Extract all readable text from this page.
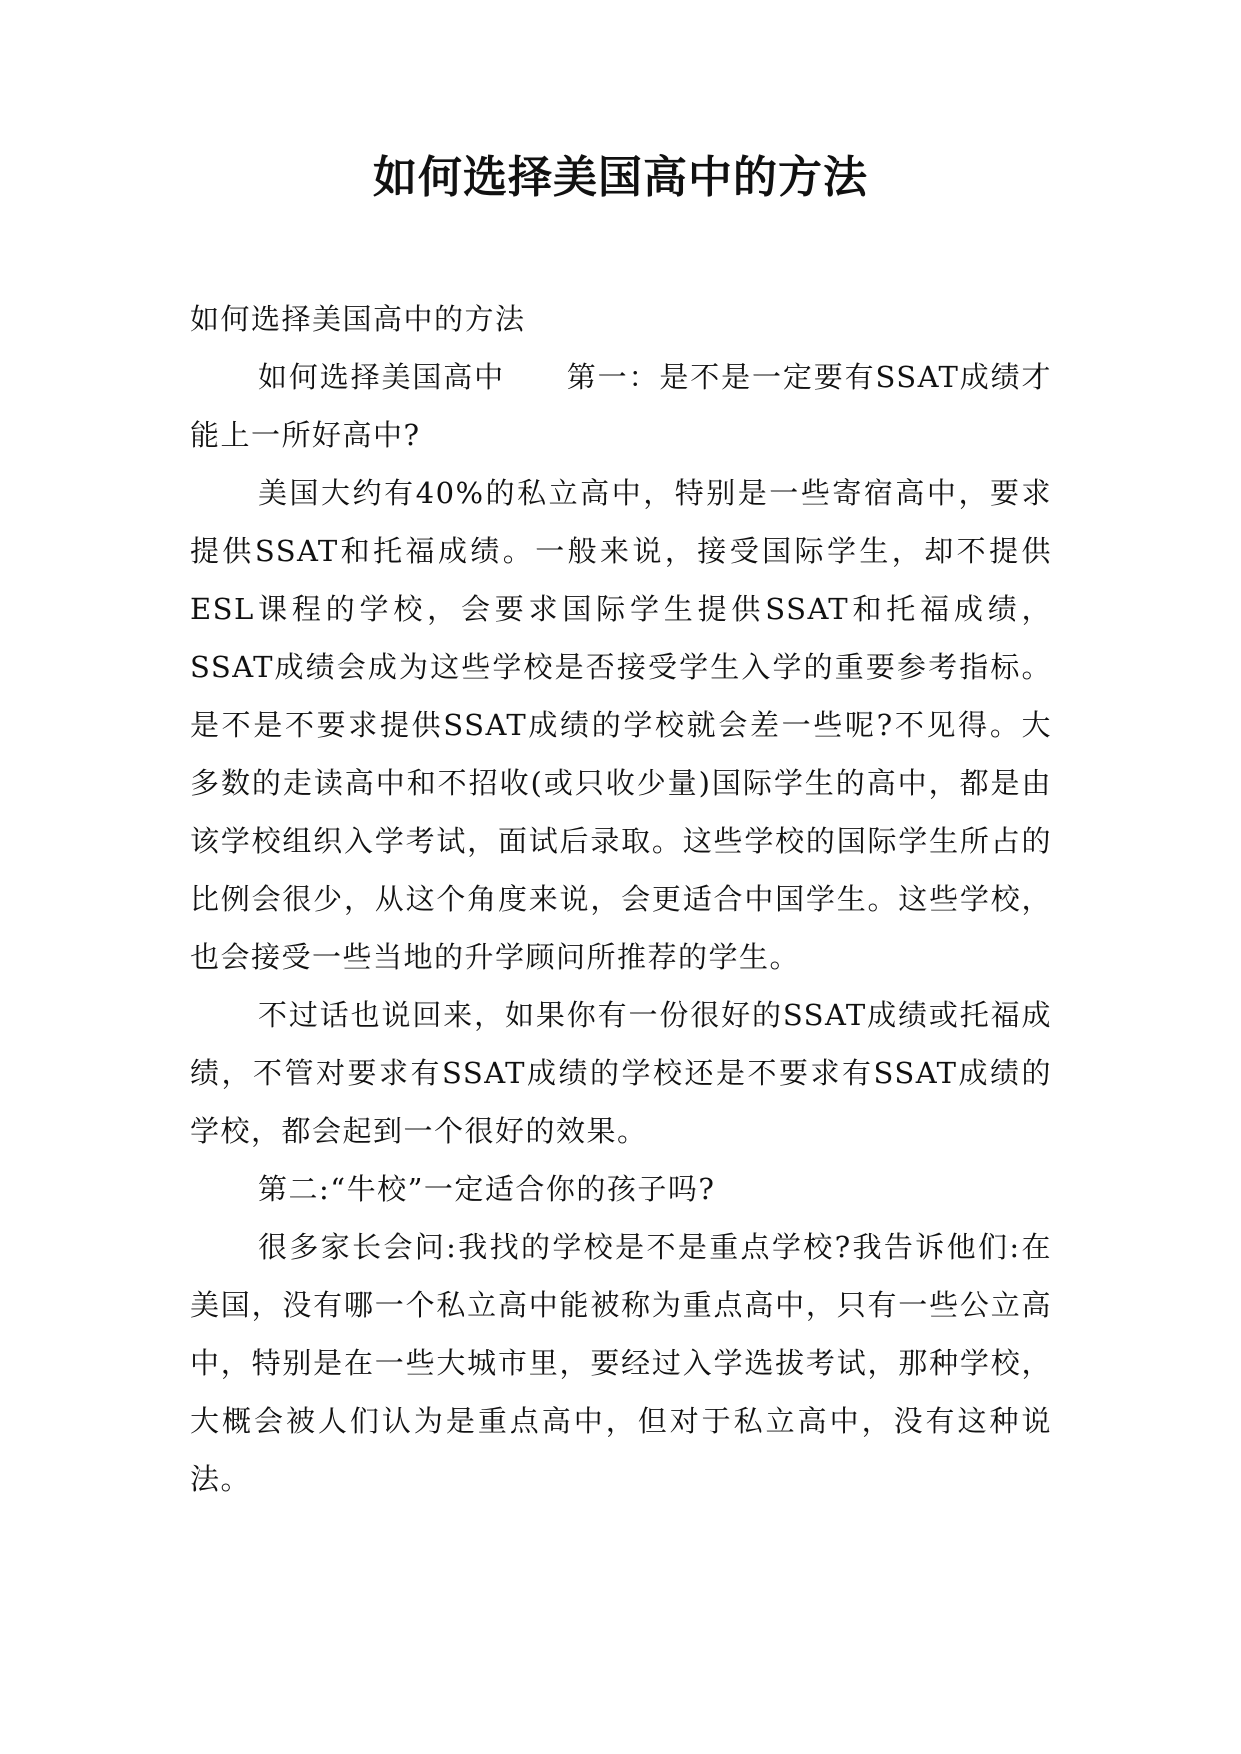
如何选择美国高中的方法

如何选择美国高中的方法

如何选择美国高中　　第一：是不是一定要有SSAT成绩才能上一所好高中?

美国大约有40%的私立高中，特别是一些寄宿高中，要求提供SSAT和托福成绩。一般来说，接受国际学生，却不提供ESL课程的学校，会要求国际学生提供SSAT和托福成绩，SSAT成绩会成为这些学校是否接受学生入学的重要参考指标。是不是不要求提供SSAT成绩的学校就会差一些呢?不见得。大多数的走读高中和不招收(或只收少量)国际学生的高中，都是由该学校组织入学考试，面试后录取。这些学校的国际学生所占的比例会很少，从这个角度来说，会更适合中国学生。这些学校，也会接受一些当地的升学顾问所推荐的学生。

不过话也说回来，如果你有一份很好的SSAT成绩或托福成绩，不管对要求有SSAT成绩的学校还是不要求有SSAT成绩的学校，都会起到一个很好的效果。

第二:“牛校”一定适合你的孩子吗?

很多家长会问:我找的学校是不是重点学校?我告诉他们:在美国，没有哪一个私立高中能被称为重点高中，只有一些公立高中，特别是在一些大城市里，要经过入学选拔考试，那种学校，大概会被人们认为是重点高中，但对于私立高中，没有这种说法。
